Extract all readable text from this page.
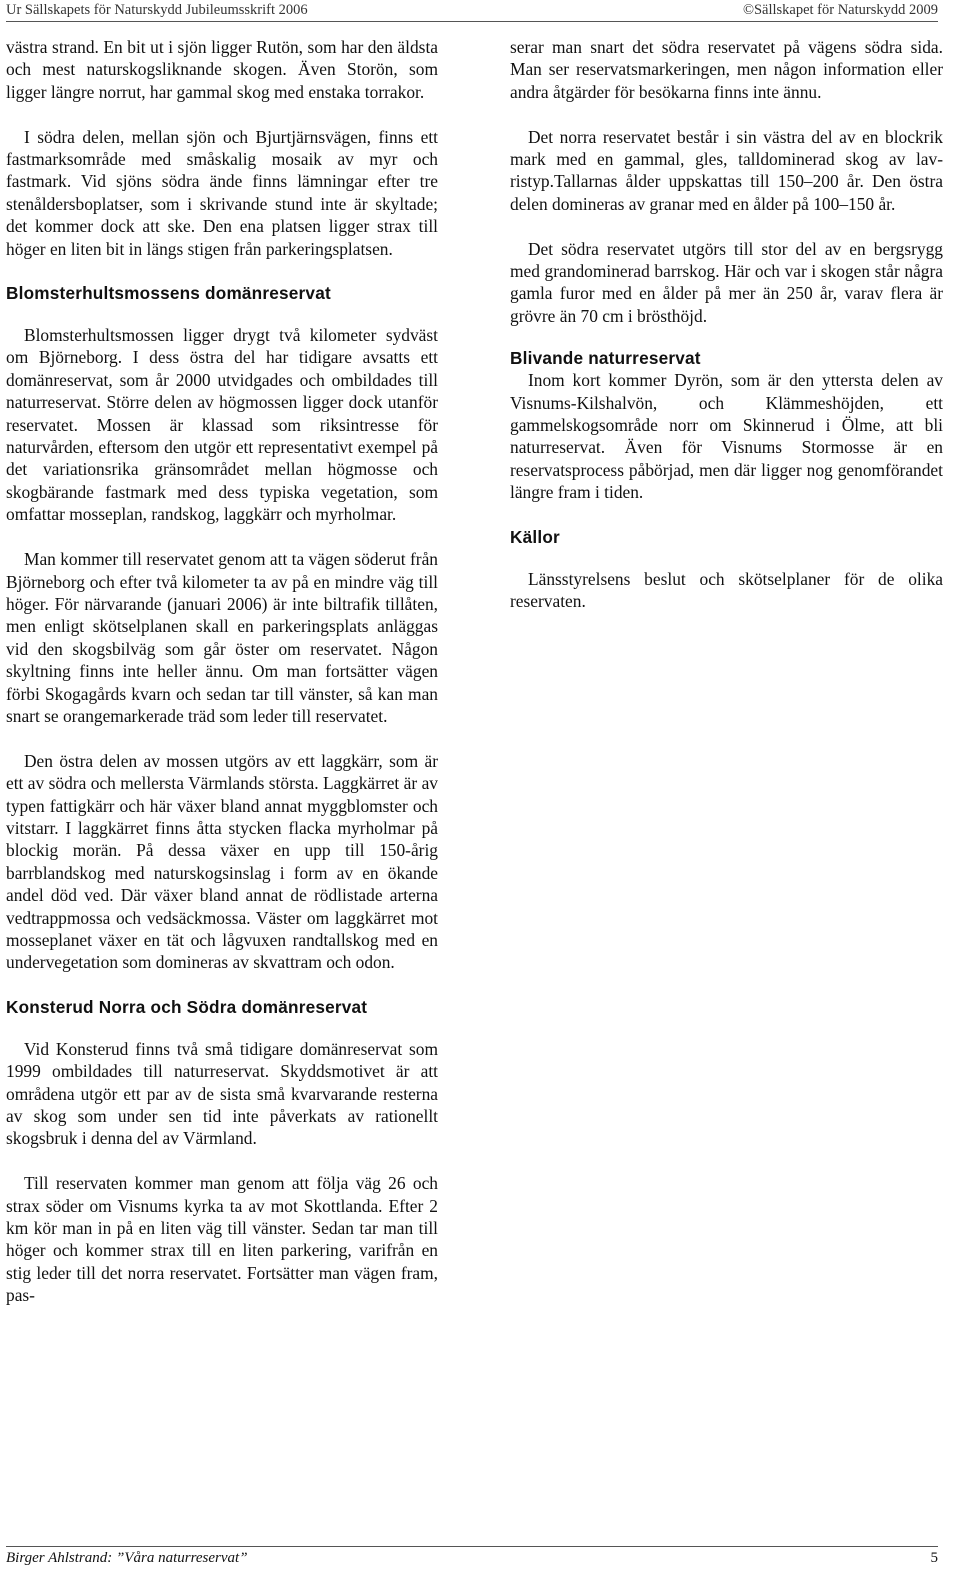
Ur Sällskapets för Naturskydd Jubileumsskrift 2006	©Sällskapet för Naturskydd 2009

västra strand. En bit ut i sjön ligger Rutön, som har den äldsta och mest naturskogsliknande skogen. Även Storön, som ligger längre norrut, har gammal skog med enstaka torrakor.

I södra delen, mellan sjön och Bjurtjärnsvägen, finns ett fastmarksområde med småskalig mosaik av myr och fastmark. Vid sjöns södra ände finns lämningar efter tre stenåldersboplatser, som i skrivande stund inte är skyltade; det kommer dock att ske. Den ena platsen ligger strax till höger en liten bit in längs stigen från parkeringsplatsen.

Blomsterhultsmossens domänreservat

Blomsterhultsmossen ligger drygt två kilometer sydväst om Björneborg. I dess östra del har tidigare avsatts ett domänreservat, som år 2000 utvidgades och ombildades till naturreservat. Större delen av högmossen ligger dock utanför reservatet. Mossen är klassad som riksintresse för naturvården, eftersom den utgör ett representativt exempel på det variationsrika gränsområdet mellan högmosse och skogbärande fastmark med dess typiska vegetation, som omfattar mosseplan, randskog, laggkärr och myrholmar.

Man kommer till reservatet genom att ta vägen söderut från Björneborg och efter två kilometer ta av på en mindre väg till höger. För närvarande (januari 2006) är inte biltrafik tillåten, men enligt skötselplanen skall en parkeringsplats anläggas vid den skogsbilväg som går öster om reservatet. Någon skyltning finns inte heller ännu. Om man fortsätter vägen förbi Skogagårds kvarn och sedan tar till vänster, så kan man snart se orangemarkerade träd som leder till reservatet.

Den östra delen av mossen utgörs av ett laggkärr, som är ett av södra och mellersta Värmlands största. Laggkärret är av typen fattigkärr och här växer bland annat myggblomster och vitstarr. I laggkärret finns åtta stycken flacka myrholmar på blockig morän. På dessa växer en upp till 150-årig barrblandskog med naturskogsinslag i form av en ökande andel död ved. Där växer bland annat de rödlistade arterna vedtrappmossa och vedsäckmossa. Väster om laggkärret mot mosseplanet växer en tät och lågvuxen randtallskog med en undervegetation som domineras av skvattram och odon.

Konsterud Norra och Södra domänreservat

Vid Konsterud finns två små tidigare domänreservat som 1999 ombildades till naturreservat. Skyddsmotivet är att områdena utgör ett par av de sista små kvarvarande resterna av skog som under sen tid inte påverkats av rationellt skogsbruk i denna del av Värmland.

Till reservaten kommer man genom att följa väg 26 och strax söder om Visnums kyrka ta av mot Skottlanda. Efter 2 km kör man in på en liten väg till vänster. Sedan tar man till höger och kommer strax till en liten parkering, varifrån en stig leder till det norra reservatet. Fortsätter man vägen fram, pas-

serar man snart det södra reservatet på vägens södra sida. Man ser reservatsmarkeringen, men någon information eller andra åtgärder för besökarna finns inte ännu.

Det norra reservatet består i sin västra del av en blockrik mark med en gammal, gles, talldominerad skog av lav-ristyp.Tallarnas ålder uppskattas till 150–200 år. Den östra delen domineras av granar med en ålder på 100–150 år.

Det södra reservatet utgörs till stor del av en bergsrygg med grandominerad barrskog. Här och var i skogen står några gamla furor med en ålder på mer än 250 år, varav flera är grövre än 70 cm i brösthöjd.

Blivande naturreservat

Inom kort kommer Dyrön, som är den yttersta delen av Visnums-Kilshalvön, och Klämmeshöjden, ett gammelskogsområde norr om Skinnerud i Ölme, att bli naturreservat. Även för Visnums Stormosse är en reservatsprocess påbörjad, men där ligger nog genomförandet längre fram i tiden.

Källor

Länsstyrelsens beslut och skötselplaner för de olika reservaten.

Birger Ahlstrand: ”Våra naturreservat”	5
